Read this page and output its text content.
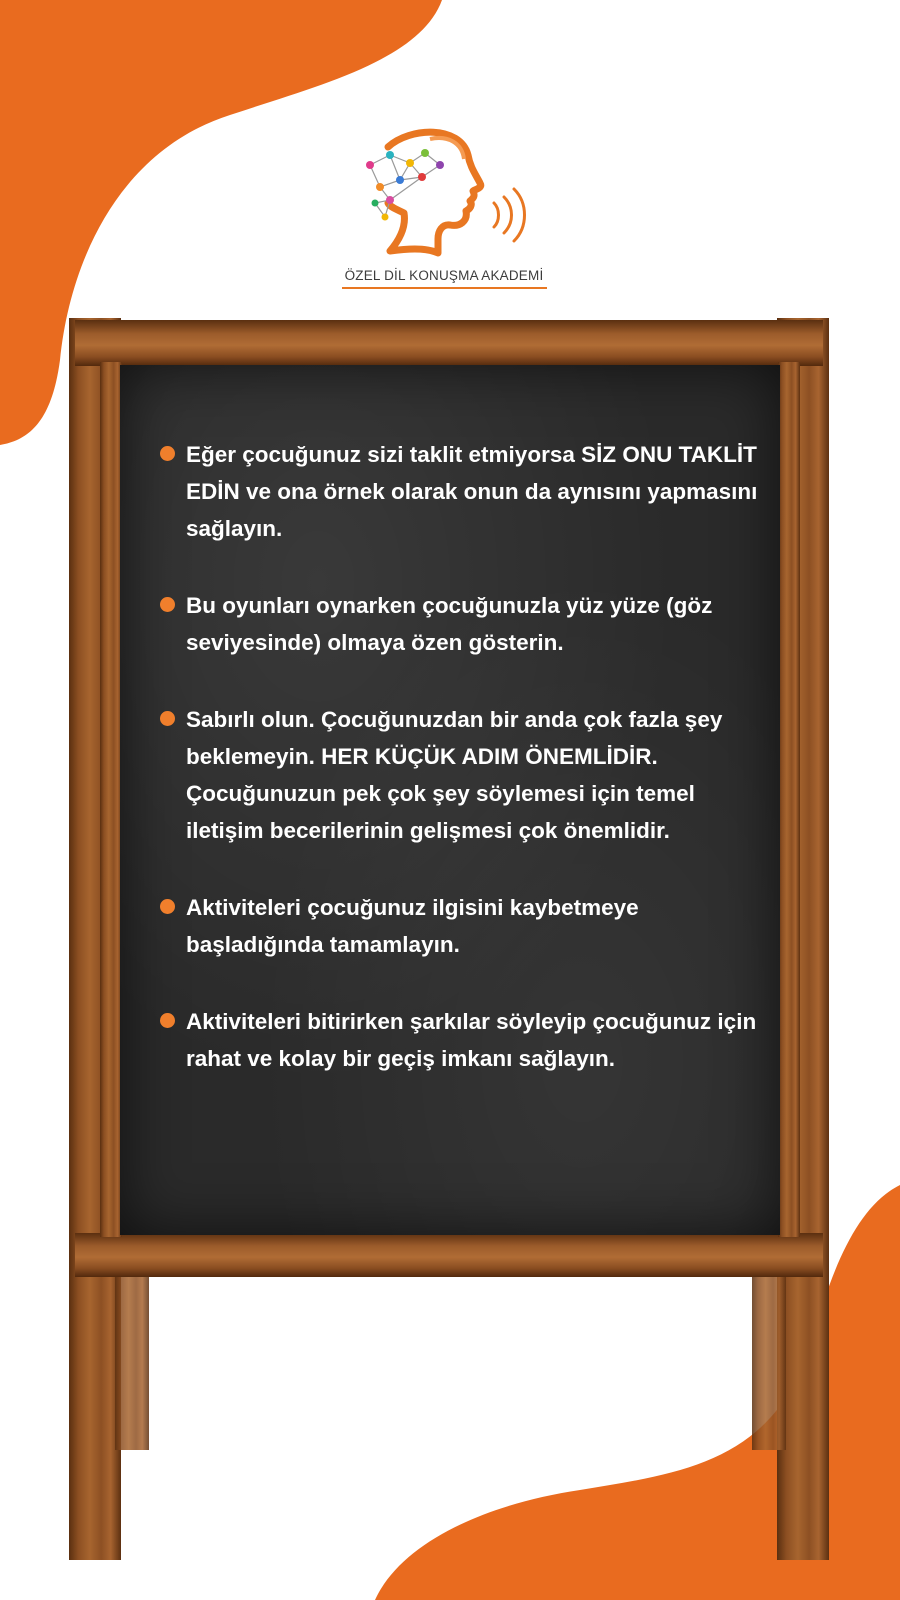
ÖZEL DİL KONUŞMA AKADEMİ
Eğer çocuğunuz sizi taklit etmiyorsa SİZ ONU TAKLİT EDİN ve ona örnek olarak onun da aynısını yapmasını sağlayın.
Bu oyunları oynarken çocuğunuzla yüz yüze (göz seviyesinde) olmaya özen gösterin.
Sabırlı olun. Çocuğunuzdan bir anda çok fazla şey beklemeyin. HER KÜÇÜK ADIM ÖNEMLİDİR. Çocuğunuzun pek çok şey söylemesi için temel iletişim becerilerinin gelişmesi çok önemlidir.
Aktiviteleri çocuğunuz ilgisini kaybetmeye başladığında tamamlayın.
Aktiviteleri bitirirken şarkılar söyleyip çocuğunuz için rahat ve kolay bir geçiş imkanı sağlayın.
